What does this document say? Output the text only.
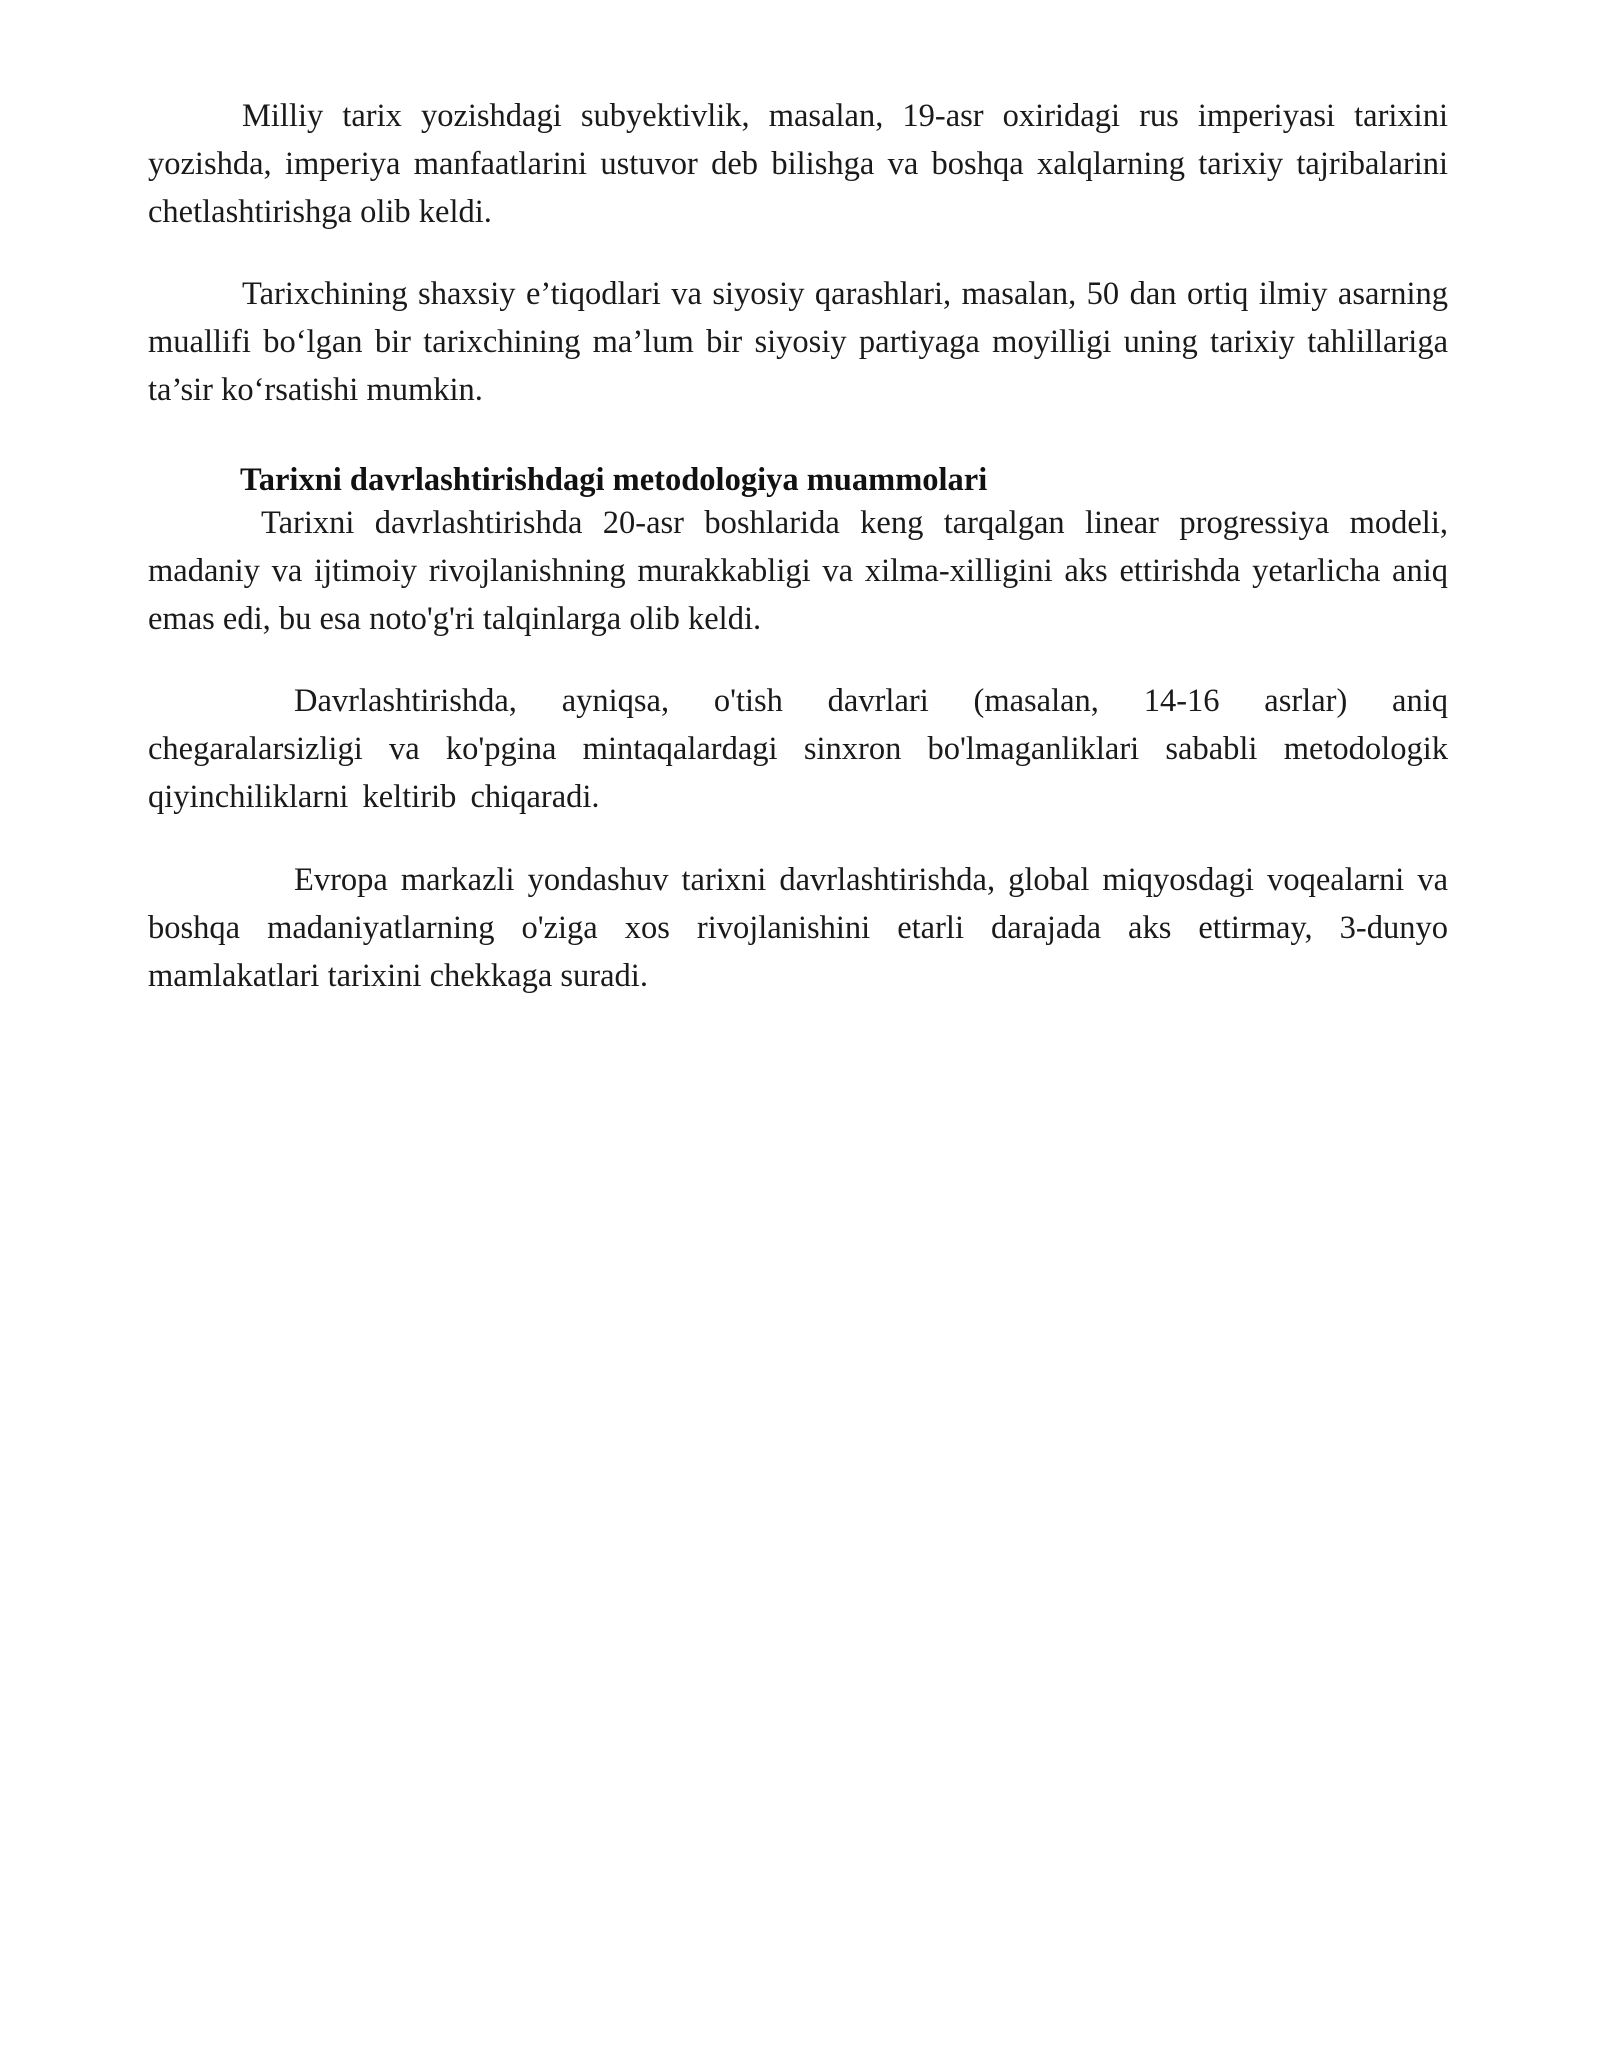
Milliy tarix yozishdagi subyektivlik, masalan, 19-asr oxiridagi rus imperiyasi tarixini yozishda, imperiya manfaatlarini ustuvor deb bilishga va boshqa xalqlarning tarixiy tajribalarini chetlashtirishga olib keldi.

Tarixchining shaxsiy e’tiqodlari va siyosiy qarashlari, masalan, 50 dan ortiq ilmiy asarning muallifi bo‘lgan bir tarixchining ma’lum bir siyosiy partiyaga moyilligi uning tarixiy tahlillariga ta’sir ko‘rsatishi mumkin.

Tarixni davrlashtirishdagi metodologiya muammolari

Tarixni davrlashtirishda 20-asr boshlarida keng tarqalgan linear progressiya modeli, madaniy va ijtimoiy rivojlanishning murakkabligi va xilma-xilligini aks ettirishda yetarlicha aniq emas edi, bu esa noto'g'ri talqinlarga olib keldi.

Davrlashtirishda, ayniqsa, o'tish davrlari (masalan, 14-16 asrlar) aniq chegaralarsizligi va ko'pgina mintaqalardagi sinxron bo'lmaganliklari sababli metodologik qiyinchiliklarni keltirib chiqaradi.

Evropa markazli yondashuv tarixni davrlashtirishda, global miqyosdagi voqealarni va boshqa madaniyatlarning o'ziga xos rivojlanishini etarli darajada aks ettirmay, 3-dunyo mamlakatlari tarixini chekkaga suradi.
